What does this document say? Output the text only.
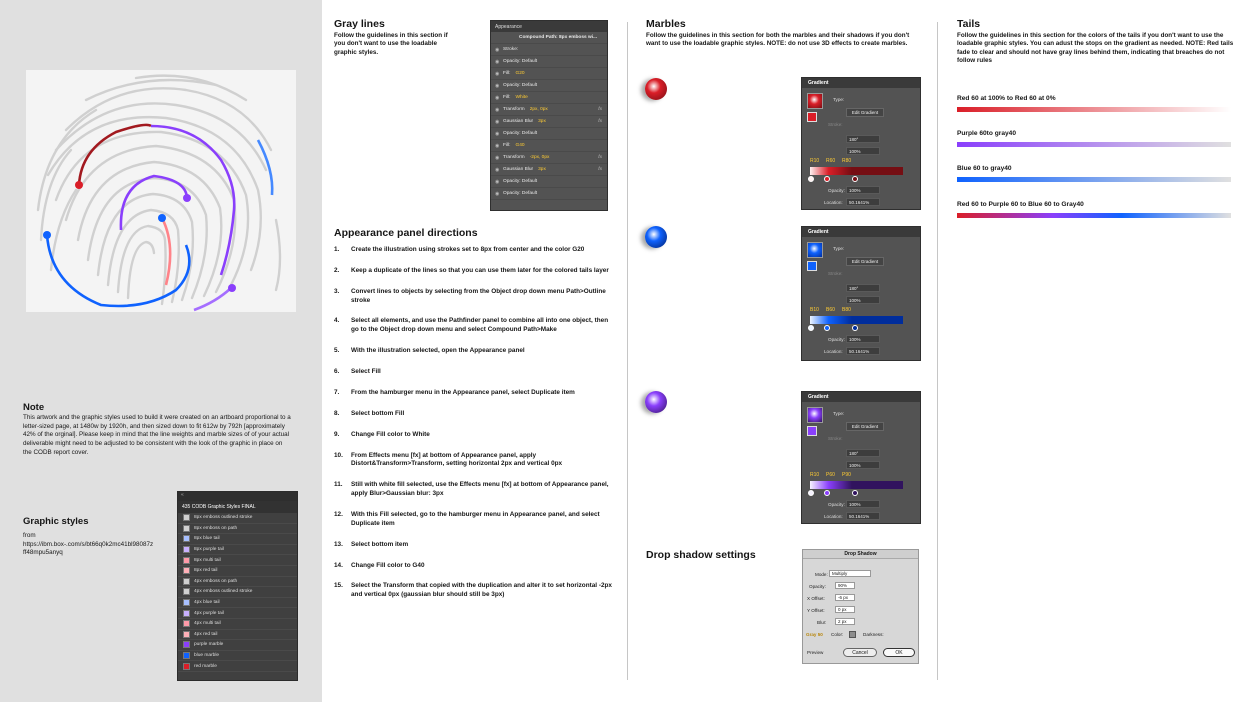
Note
This artwork and the graphic styles used to build it were created on an artboard proportional to a letter-sized page, at 1480w by 1920h, and then sized down to fit 612w by 792h [approximately 42% of the orginal]. Please keep in mind that the line weights and marble sizes of of your actual deliverable might need to be adjusted to be consistent with the look of the graphic in place on the CODB report cover.
Graphic styles
from https://ibm.box-.com/s/bt66q0k2mc41bl98087z ff48mpu5anyq
«
435 CODB Graphic Styles FINAL
8px emboss outlined stroke
8px emboss on path
8px blue tail
8px purple tail
8px multi tail
8px red tail
4px emboss on path
4px emboss outlined stroke
4px blue tail
4px purple tail
4px multi tail
4px red tail
purple marble
blue marble
red marble
Gray lines
Follow the guidelines in this section if you don't want to use the loadable graphic styles.
Appearance
Compound Path: 8px emboss wi...
◉ Stroke:
◉ Opacity: Default
◉ Fill: G20
◉ Opacity: Default
◉ Fill: White
◉ Transform 2px, 0px	fx
◉ Gaussian Blur 3px	fx
◉ Opacity: Default
◉ Fill: G40
◉ Transform -2px, 0px	fx
◉ Gaussian Blur 3px	fx
◉ Opacity: Default
◉ Opacity: Default
Appearance panel directions
1.	Create the illustration using strokes set to 8px from center and the color G20
2.	Keep a duplicate of the lines so that you can use them later for the colored tails layer
3.	Convert lines to objects by selecting from the Object drop down menu Path>Outline stroke
4.	Select all elements, and use the Pathfinder panel to combine all into one object, then go to the Object drop down menu and select Compound Path>Make
5.	With the illustration selected, open the Appearance panel
6.	Select Fill
7.	From the hamburger menu in the Appearance panel, select Duplicate item
8.	Select bottom Fill
9.	Change Fill color to White
10.	From Effects menu [fx] at bottom of Appearance panel, apply Distort&Transform>Transform, setting horizontal 2px and vertical 0px
11.	Still with white fill selected, use the Effects menu [fx] at bottom of Appearance panel, apply Blur>Gaussian blur: 3px
12.	With this Fill selected, go to the hamburger menu in Appearance panel, and select Duplicate item
13.	Select bottom item
14.	Change Fill color to G40
15.	Select the Transform that copied with the duplication and alter it to set horizontal -2px and vertical 0px (gaussian blur should still be 3px)
Marbles
Follow the guidelines in this section for both the marbles and their shadows if you don't want to use the loadable graphic styles. NOTE: do not use 3D effects to create marbles.
Gradient
Type:
Edit Gradient
Stroke:
180°
100%
R10 R60 R80
Opacity: 100%
Location:	50.1641%
Gradient
Type:
Edit Gradient
Stroke:
180°
100%
B10 B60 B80
Opacity: 100%
Location:	50.1641%
Gradient
Type:
Edit Gradient
Stroke:
180°
100%
R10 P60 P90
Opacity: 100%
Location:	50.1641%
Drop shadow settings	Drop Shadow
Mode: Multiply
Opacity:	90%
X Offset:	-6 px
Y Offset:	0 px
Blur:	2 px
Gray 50 Color:	Darkness:
Preview	Cancel	OK
Tails
Follow the guidelines in this section for the colors of the tails if you don't want to use the loadable graphic styles. You can adust the stops on the gradient as needed. NOTE: Red tails fade to clear and should not have gray lines behind them, indicating that breaches do not follow rules
Red 60 at 100% to Red 60 at 0%
Purple 60to gray40
Blue 60 to gray40
Red 60 to Purple 60 to Blue 60 to Gray40
